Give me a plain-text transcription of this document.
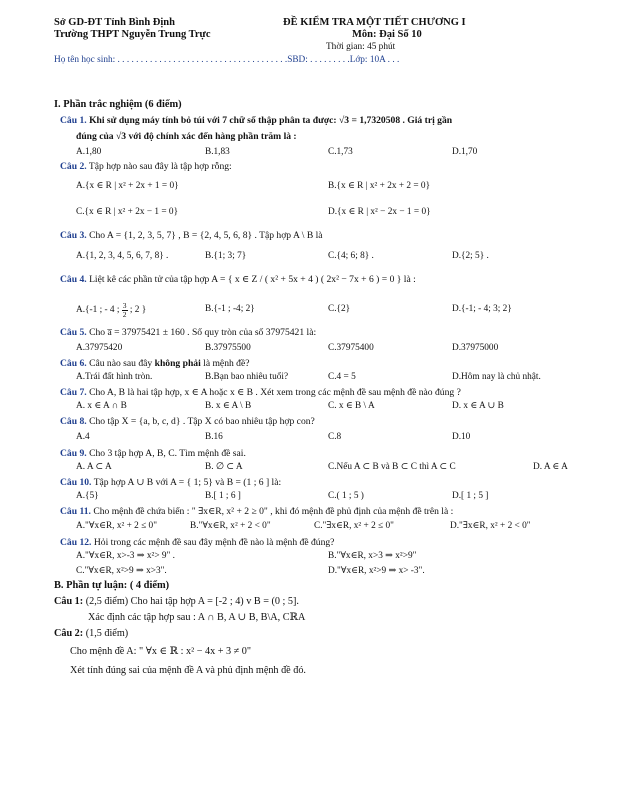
Sở GD-ĐT Tỉnh Bình Định
Trường THPT Nguyễn Trung Trực
ĐỀ KIỂM TRA MỘT TIẾT CHƯƠNG I
Môn: Đại Số 10
Thời gian: 45 phút
Họ tên học sinh: . . . . . . . . . . . . . . . . . . . . . . . . . . . . . . . . . . . . .SBD: . . . . . . . . .Lớp: 10A . . .
I. Phần trắc nghiệm (6 điểm)
Câu 1. Khi sử dụng máy tính bỏ túi với 7 chữ số thập phân ta được: √3 = 1,7320508 . Giá trị gần
đúng của √3 với độ chính xác đến hàng phần trăm là :
A.1,80	B.1,83	C.1,73	D.1,70
Câu 2. Tập hợp nào sau đây là tập hợp rỗng:
A.{x ∈ R | x² + 2x + 1 = 0}	B.{x ∈ R | x² + 2x + 2 = 0}
C.{x ∈ R | x² + 2x − 1 = 0}	D.{x ∈ R | x² − 2x − 1 = 0}
Câu 3. Cho A = {1, 2, 3, 5, 7} , B = {2, 4, 5, 6, 8} . Tập hợp A \ B là
A.{1, 2, 3, 4, 5, 6, 7, 8} .	B.{1; 3; 7}	C.{4; 6; 8} .	D.{2; 5} .
Câu 4. Liệt kê các phần tử của tập hợp A = { x ∈ Z / ( x² + 5x + 4 ) ( 2x² − 7x + 6 ) = 0 } là :
A.{-1 ; - 4 ; $\frac{3}{2}$ ; 2 }	B.{-1 ; -4; 2}	C.{2}	D.{-1; - 4; 3; 2}
Câu 5. Cho a̅ = 37975421 ± 160 . Số quy tròn của số 37975421 là:
A.37975420	B.37975500	C.37975400	D.37975000
Câu 6. Câu nào sau đây không phải là mệnh đề?
A.Trái đất hình tròn.	B.Bạn bao nhiêu tuổi?	C.4 = 5	D.Hôm nay là chủ nhật.
Câu 7. Cho A, B là hai tập hợp, x ∈ A hoặc x ∈ B . Xét xem trong các mệnh đề sau mệnh đề nào đúng ?
A. x ∈ A ∩ B	B. x ∈ A \ B	C. x ∈ B \ A	D. x ∈ A ∪ B
Câu 8. Cho tập X = {a, b, c, d} . Tập X có bao nhiêu tập hợp con?
A.4	B.16	C.8	D.10
Câu 9. Cho 3 tập hợp A, B, C. Tìm mệnh đề sai.
A. A ⊂ A	B. ∅ ⊂ A	C.Nếu A ⊂ B và B ⊂ C thì A ⊂ C	D. A ∈ A
Câu 10. Tập hợp A ∪ B với A = { 1; 5} và B = (1 ; 6 ] là:
A.{5}	B.[ 1 ; 6 ]	C.( 1 ; 5 )	D.[ 1 ; 5 ]
Câu 11. Cho mệnh đề chứa biến : " ∃x∈R, x² + 2 ≥ 0" , khi đó mệnh đề phủ định của mệnh đề trên là :
A."∀x∈R, x² + 2 ≤ 0"	B."∀x∈R, x² + 2 < 0"	C."∃x∈R, x² + 2 ≤ 0"	D."∃x∈R, x² + 2 < 0"
Câu 12. Hỏi trong các mệnh đề sau đây mệnh đề nào là mệnh đề đúng?
A."∀x∈R, x>-3 ⇒ x²> 9" .	B."∀x∈R, x>3 ⇒ x²>9"
C."∀x∈R, x²>9 ⇒ x>3".	D."∀x∈R, x²>9 ⇒ x> -3".
B. Phần tự luận: ( 4 điểm)
Câu 1: (2,5 điểm) Cho hai tập hợp A = [-2 ; 4) v B = (0 ; 5].
Xác định các tập hợp sau : A ∩ B, A ∪ B, B\A, CℝA
Câu 2: (1,5 điểm)
Cho mệnh đề A: " ∀x ∈ ℝ : x² − 4x + 3 ≠ 0"
Xét tính đúng sai của mệnh đề A và phủ định mệnh đề đó.
